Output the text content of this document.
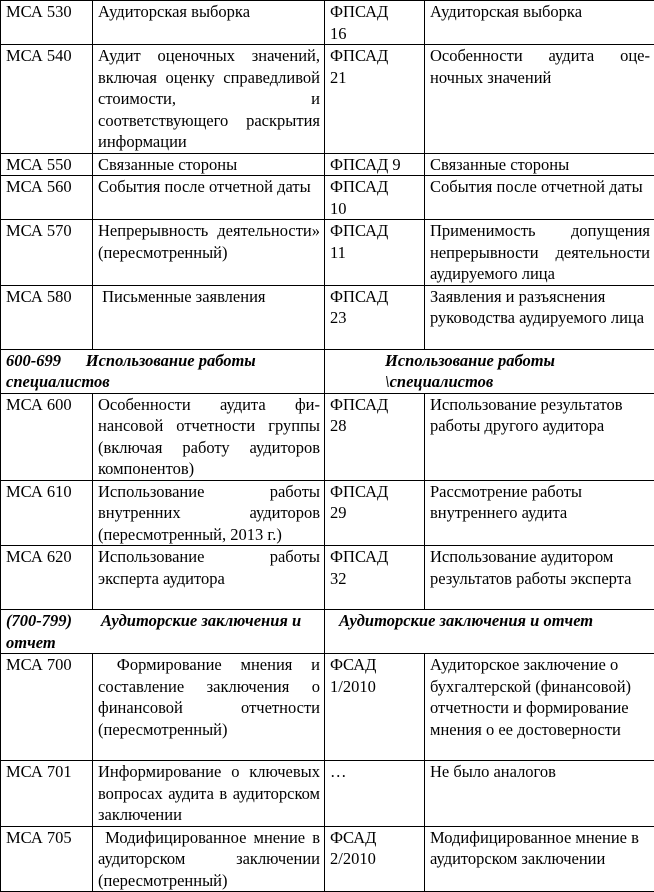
МСА 530	Аудиторская выборка	ФПСАД 16	Аудиторская выборка
МСА 540	Аудит оценочных значений, включая оценку справедливой стоимости, и соответствующего раскрытия информации	ФПСАД 21	Особенности аудита оценочных значений
МСА 550	Связанные стороны	ФПСАД 9	Связанные стороны
МСА 560	События после отчетной даты	ФПСАД 10	События после отчетной даты
МСА 570	Непрерывность деятельности» (пересмотренный)	ФПСАД 11	Применимость допущения непрерывности деятельности аудируемого лица
МСА 580	Письменные заявления	ФПСАД 23	Заявления и разъяснения руководства аудируемого лица
600-699      Использование работы специалистов		Использование работы \специалистов	
МСА 600	Особенности аудита финансовой отчетности группы (включая работу аудиторов компонентов)	ФПСАД 28	Использование результатов работы другого аудитора
МСА 610	Использование работы внутренних аудиторов (пересмотренный, 2013 г.)	ФПСАД 29	Рассмотрение работы внутреннего аудита
МСА 620	Использование работы эксперта аудитора	ФПСАД 32	Использование аудитором результатов работы эксперта
(700-799)       Аудиторские заключения и отчет		Аудиторские заключения и отчет	
МСА 700	Формирование мнения и составление заключения о финансовой отчетности (пересмотренный)	ФСАД 1/2010	Аудиторское заключение о бухгалтерской (финансовой) отчетности и формирование мнения о ее достоверности
МСА 701	Информирование о ключевых вопросах аудита в аудиторском заключении	…	Не было аналогов
МСА 705	Модифицированное мнение в аудиторском заключении (пересмотренный)	ФСАД 2/2010	Модифицированное мнение в аудиторском заключении
